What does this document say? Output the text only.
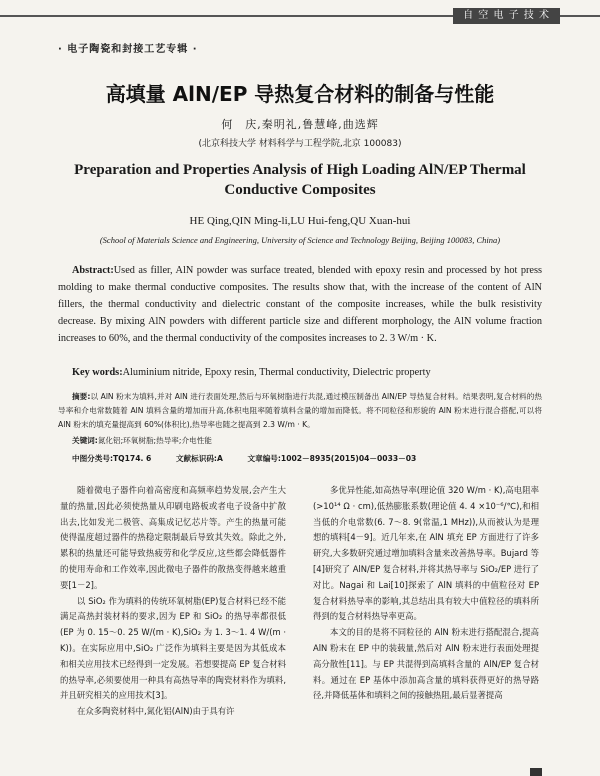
自 空 电 子 技 术
· 电子陶瓷和封接工艺专辑 ·
高填量 AlN/EP 导热复合材料的制备与性能
何　庆,秦明礼,鲁慧峰,曲选辉
(北京科技大学 材料科学与工程学院,北京 100083)
Preparation and Properties Analysis of High Loading AlN/EP Thermal Conductive Composites
HE Qing,QIN Ming-li,LU Hui-feng,QU Xuan-hui
(School of Materials Science and Engineering, University of Science and Technology Beijing, Beijing 100083, China)
Abstract:Used as filler, AlN powder was surface treated, blended with epoxy resin and processed by hot press molding to make thermal conductive composites. The results show that, with the increase of the content of AlN fillers, the thermal conductivity and dielectric constant of the composite increases, while the bulk resistivity decrease. By mixing AlN powders with different particle size and different morphology, the AlN volume fraction increases to 60%, and the thermal conductivity of the composites increases to 2. 3 W/m · K.
Key words:Aluminium nitride, Epoxy resin, Thermal conductivity, Dielectric property
摘要:以 AlN 粉末为填料,并对 AlN 进行表面处理,然后与环氧树脂进行共混,通过模压制备出 AlN/EP 导热复合材料。结果表明,复合材料的热导率和介电常数随着 AlN 填料含量的增加而升高,体积电阻率随着填料含量的增加而降低。将不同粒径和形貌的 AlN 粉末进行混合搭配,可以将 AlN 粉末的填充量提高到 60%(体积比),热导率也随之提高到 2.3 W/m · K。
关键词:氮化铝;环氧树脂;热导率;介电性能
中图分类号:TQ174. 6	文献标识码:A	文章编号:1002－8935(2015)04－0033－03

随着微电子器件向着高密度和高频率趋势发展,会产生大量的热量,因此必须使热量从印刷电路板或者电子设备中扩散出去,比如发光二极管、高集成记忆芯片等。产生的热量可能使得温度超过器件的热稳定限制最后导致其失效。除此之外,累积的热量还可能导致热疲劳和化学反应,这些都会降低器件的使用寿命和工作效率,因此微电子器件的散热变得越来越重要[1－2]。

以 SiO₂ 作为填料的传统环氧树脂(EP)复合材料已经不能满足高热封装材料的要求,因为 EP 和 SiO₂ 的热导率都很低(EP 为 0. 15～0. 25 W/(m · K),SiO₂ 为 1. 3～1. 4 W/(m · K))。在实际应用中,SiO₂ 广泛作为填料主要是因为其低成本和相关应用技术已经得到一定发展。若想要提高 EP 复合材料的热导率,必须要使用一种具有高热导率的陶瓷材料作为填料,并且研究相关的应用技术[3]。

在众多陶瓷材料中,氮化铝(AlN)由于具有许

多优异性能,如高热导率(理论值 320 W/m · K),高电阻率(>10¹⁴ Ω · cm),低热膨胀系数(理论值 4. 4 ×10⁻⁶/℃),和相当低的介电常数(6. 7～8. 9(常温,1 MHz)),从而被认为是理想的填料[4－9]。近几年来,在 AlN 填充 EP 方面进行了许多研究,大多数研究通过增加填料含量来改善热导率。Bujard 等[4]研究了 AlN/EP 复合材料,并将其热导率与 SiO₂/EP 进行了对比。Nagai 和 Lai[10]探索了 AlN 填料的中值粒径对 EP 复合材料热导率的影响,其总结出具有较大中值粒径的填料所得到的复合材料热导率更高。

本文的目的是将不同粒径的 AlN 粉末进行搭配混合,提高 AlN 粉末在 EP 中的装载量,然后对 AlN 粉末进行表面处理提高分散性[11]。与 EP 共混得到高填料含量的 AlN/EP 复合材料。通过在 EP 基体中添加高含量的填料获得更好的热导路径,并降低基体和填料之间的接触热阻,最后显著提高
